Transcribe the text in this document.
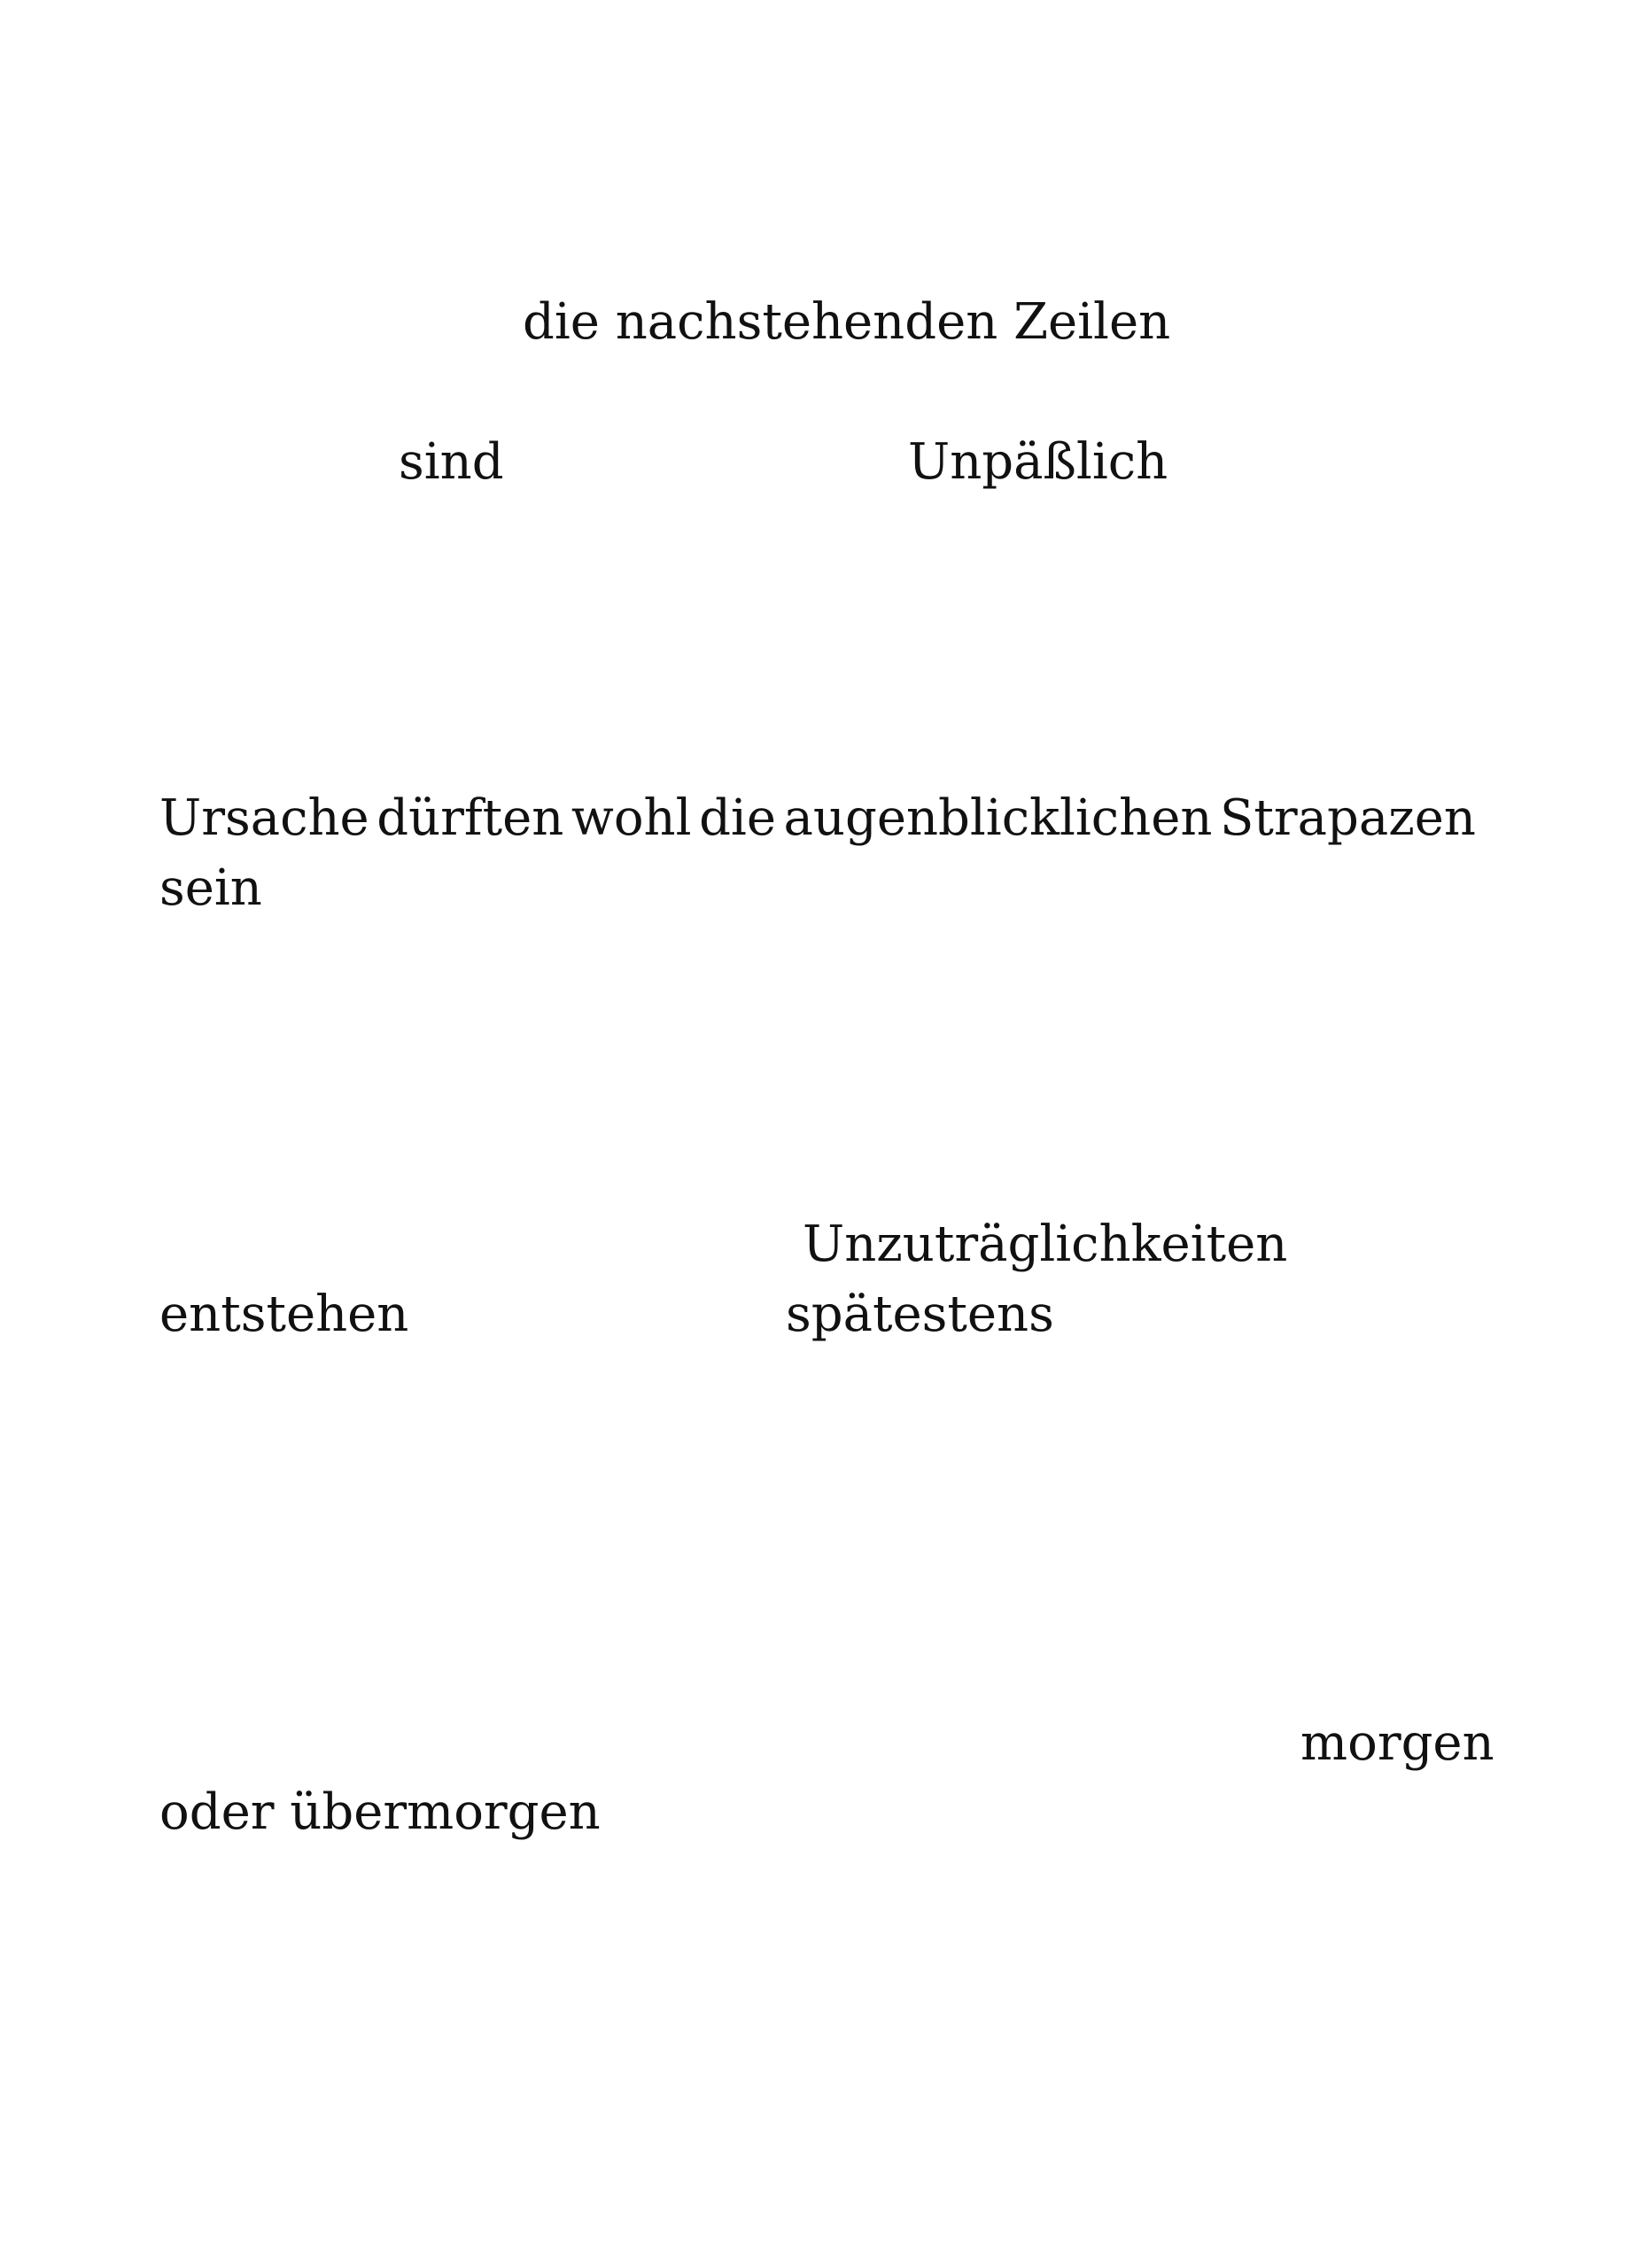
die nachstehenden Zeilen
sind	Unpäßlich
Ursache dürften wohl die augenblicklichen Strapazen
sein
Unzuträglichkeiten
entstehen	spätestens
morgen
oder übermorgen
